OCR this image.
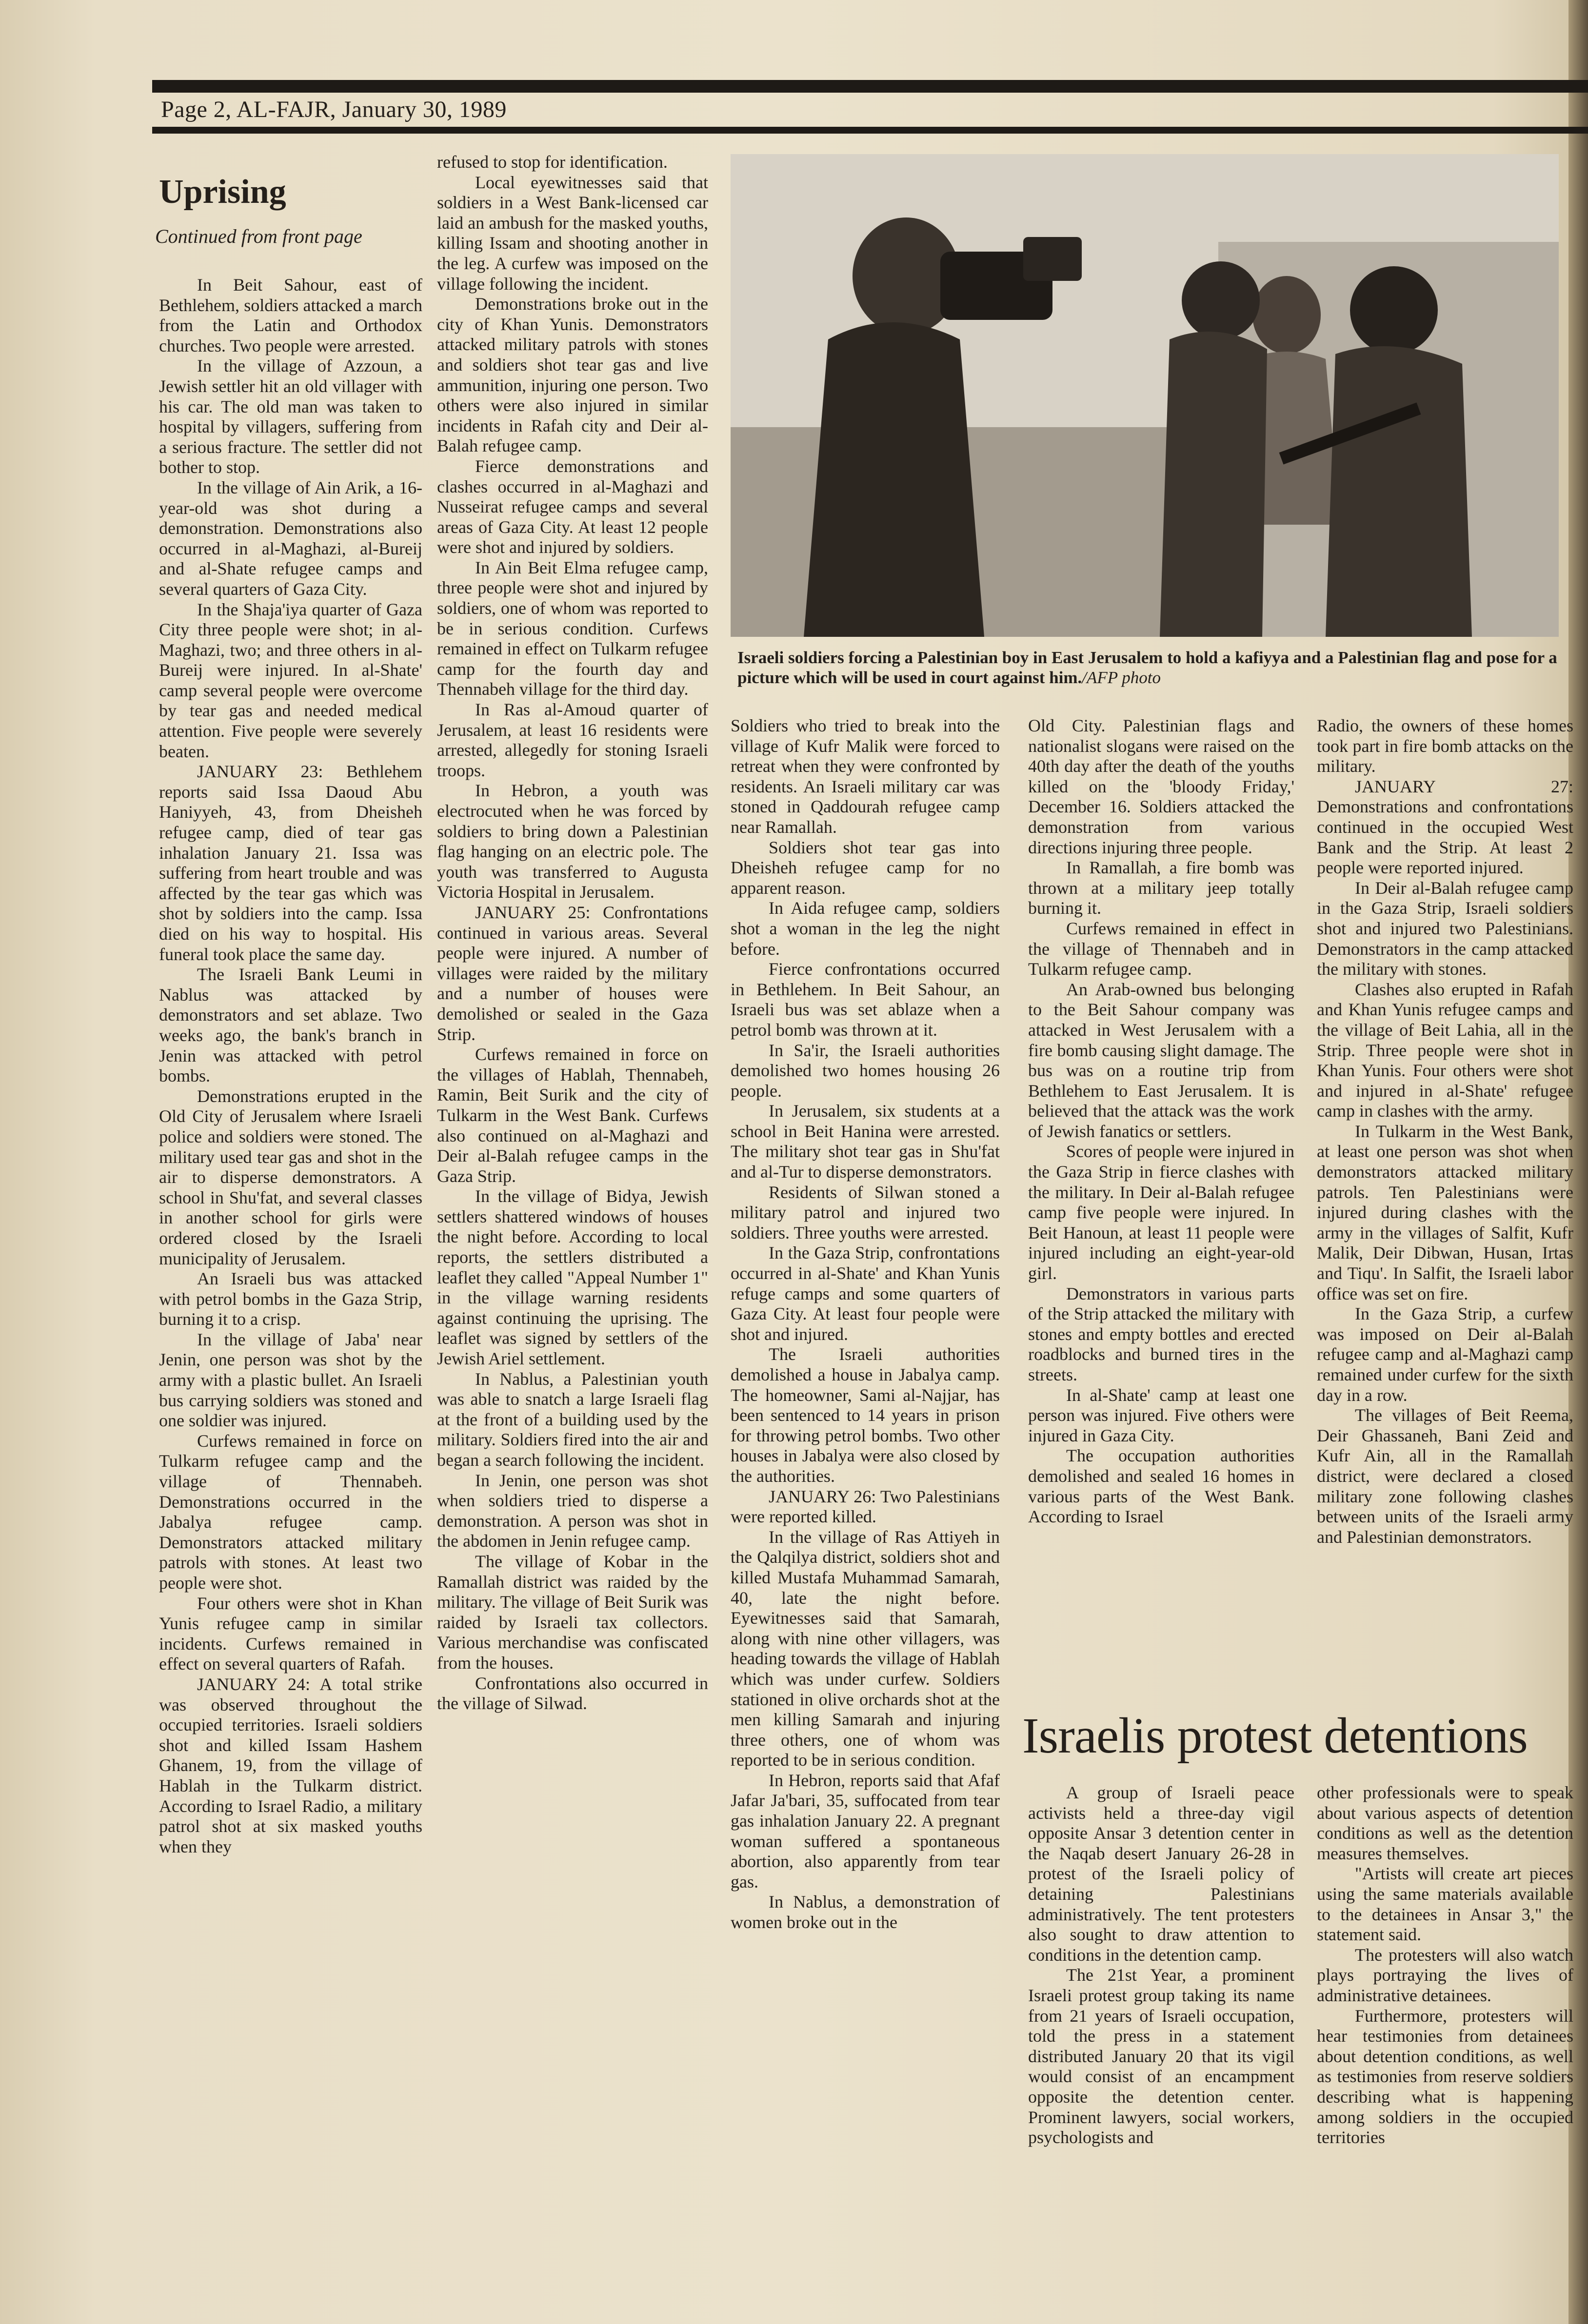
Page 2, AL-FAJR, January 30, 1989
Uprising
Continued from front page

In Beit Sahour, east of Bethlehem, soldiers attacked a march from the Latin and Orthodox churches. Two people were arrested.

In the village of Azzoun, a Jewish settler hit an old villager with his car. The old man was taken to hospital by villagers, suffering from a serious fracture. The settler did not bother to stop.

In the village of Ain Arik, a 16-year-old was shot during a demonstration. Demonstrations also occurred in al-Maghazi, al-Bureij and al-Shate refugee camps and several quarters of Gaza City.

In the Shaja'iya quarter of Gaza City three people were shot; in al-Maghazi, two; and three others in al-Bureij were injured. In al-Shate' camp several people were overcome by tear gas and needed medical attention. Five people were severely beaten.

JANUARY 23: Bethlehem reports said Issa Daoud Abu Haniyyeh, 43, from Dheisheh refugee camp, died of tear gas inhalation January 21. Issa was suffering from heart trouble and was affected by the tear gas which was shot by soldiers into the camp. Issa died on his way to hospital. His funeral took place the same day.

The Israeli Bank Leumi in Nablus was attacked by demonstrators and set ablaze. Two weeks ago, the bank's branch in Jenin was attacked with petrol bombs.

Demonstrations erupted in the Old City of Jerusalem where Israeli police and soldiers were stoned. The military used tear gas and shot in the air to disperse demonstrators. A school in Shu'fat, and several classes in another school for girls were ordered closed by the Israeli municipality of Jerusalem.

An Israeli bus was attacked with petrol bombs in the Gaza Strip, burning it to a crisp.

In the village of Jaba' near Jenin, one person was shot by the army with a plastic bullet. An Israeli bus carrying soldiers was stoned and one soldier was injured.

Curfews remained in force on Tulkarm refugee camp and the village of Thennabeh. Demonstrations occurred in the Jabalya refugee camp. Demonstrators attacked military patrols with stones. At least two people were shot.

Four others were shot in Khan Yunis refugee camp in similar incidents. Curfews remained in effect on several quarters of Rafah.

JANUARY 24: A total strike was observed throughout the occupied territories. Israeli soldiers shot and killed Issam Hashem Ghanem, 19, from the village of Hablah in the Tulkarm district. According to Israel Radio, a military patrol shot at six masked youths when they

refused to stop for identification.

Local eyewitnesses said that soldiers in a West Bank-licensed car laid an ambush for the masked youths, killing Issam and shooting another in the leg. A curfew was imposed on the village following the incident.

Demonstrations broke out in the city of Khan Yunis. Demonstrators attacked military patrols with stones and soldiers shot tear gas and live ammunition, injuring one person. Two others were also injured in similar incidents in Rafah city and Deir al-Balah refugee camp.

Fierce demonstrations and clashes occurred in al-Maghazi and Nusseirat refugee camps and several areas of Gaza City. At least 12 people were shot and injured by soldiers.

In Ain Beit Elma refugee camp, three people were shot and injured by soldiers, one of whom was reported to be in serious condition. Curfews remained in effect on Tulkarm refugee camp for the fourth day and Thennabeh village for the third day.

In Ras al-Amoud quarter of Jerusalem, at least 16 residents were arrested, allegedly for stoning Israeli troops.

In Hebron, a youth was electrocuted when he was forced by soldiers to bring down a Palestinian flag hanging on an electric pole. The youth was transferred to Augusta Victoria Hospital in Jerusalem.

JANUARY 25: Confrontations continued in various areas. Several people were injured. A number of villages were raided by the military and a number of houses were demolished or sealed in the Gaza Strip.

Curfews remained in force on the villages of Hablah, Thennabeh, Ramin, Beit Surik and the city of Tulkarm in the West Bank. Curfews also continued on al-Maghazi and Deir al-Balah refugee camps in the Gaza Strip.

In the village of Bidya, Jewish settlers shattered windows of houses the night before. According to local reports, the settlers distributed a leaflet they called "Appeal Number 1" in the village warning residents against continuing the uprising. The leaflet was signed by settlers of the Jewish Ariel settlement.

In Nablus, a Palestinian youth was able to snatch a large Israeli flag at the front of a building used by the military. Soldiers fired into the air and began a search following the incident.

In Jenin, one person was shot when soldiers tried to disperse a demonstration. A person was shot in the abdomen in Jenin refugee camp.

The village of Kobar in the Ramallah district was raided by the military. The village of Beit Surik was raided by Israeli tax collectors. Various merchandise was confiscated from the houses.

Confrontations also occurred in the village of Silwad.

Israeli soldiers forcing a Palestinian boy in East Jerusalem to hold a kafiyya and a Palestinian flag and pose for a picture which will be used in court against him./AFP photo

Soldiers who tried to break into the village of Kufr Malik were forced to retreat when they were confronted by residents. An Israeli military car was stoned in Qaddourah refugee camp near Ramallah.

Soldiers shot tear gas into Dheisheh refugee camp for no apparent reason.

In Aida refugee camp, soldiers shot a woman in the leg the night before.

Fierce confrontations occurred in Bethlehem. In Beit Sahour, an Israeli bus was set ablaze when a petrol bomb was thrown at it.

In Sa'ir, the Israeli authorities demolished two homes housing 26 people.

In Jerusalem, six students at a school in Beit Hanina were arrested. The military shot tear gas in Shu'fat and al-Tur to disperse demonstrators.

Residents of Silwan stoned a military patrol and injured two soldiers. Three youths were arrested.

In the Gaza Strip, confrontations occurred in al-Shate' and Khan Yunis refuge camps and some quarters of Gaza City. At least four people were shot and injured.

The Israeli authorities demolished a house in Jabalya camp. The homeowner, Sami al-Najjar, has been sentenced to 14 years in prison for throwing petrol bombs. Two other houses in Jabalya were also closed by the authorities.

JANUARY 26: Two Palestinians were reported killed.

In the village of Ras Attiyeh in the Qalqilya district, soldiers shot and killed Mustafa Muhammad Samarah, 40, late the night before. Eyewitnesses said that Samarah, along with nine other villagers, was heading towards the village of Hablah which was under curfew. Soldiers stationed in olive orchards shot at the men killing Samarah and injuring three others, one of whom was reported to be in serious condition.

In Hebron, reports said that Afaf Jafar Ja'bari, 35, suffocated from tear gas inhalation January 22. A pregnant woman suffered a spontaneous abortion, also apparently from tear gas.

In Nablus, a demonstration of women broke out in the

Old City. Palestinian flags and nationalist slogans were raised on the 40th day after the death of the youths killed on the 'bloody Friday,' December 16. Soldiers attacked the demonstration from various directions injuring three people.

In Ramallah, a fire bomb was thrown at a military jeep totally burning it.

Curfews remained in effect in the village of Thennabeh and in Tulkarm refugee camp.

An Arab-owned bus belonging to the Beit Sahour company was attacked in West Jerusalem with a fire bomb causing slight damage. The bus was on a routine trip from Bethlehem to East Jerusalem. It is believed that the attack was the work of Jewish fanatics or settlers.

Scores of people were injured in the Gaza Strip in fierce clashes with the military. In Deir al-Balah refugee camp five people were injured. In Beit Hanoun, at least 11 people were injured including an eight-year-old girl.

Demonstrators in various parts of the Strip attacked the military with stones and empty bottles and erected roadblocks and burned tires in the streets.

In al-Shate' camp at least one person was injured. Five others were injured in Gaza City.

The occupation authorities demolished and sealed 16 homes in various parts of the West Bank. According to Israel

Radio, the owners of these homes took part in fire bomb attacks on the military.

JANUARY 27: Demonstrations and confrontations continued in the occupied West Bank and the Strip. At least 2 people were reported injured.

In Deir al-Balah refugee camp in the Gaza Strip, Israeli soldiers shot and injured two Palestinians. Demonstrators in the camp attacked the military with stones.

Clashes also erupted in Rafah and Khan Yunis refugee camps and the village of Beit Lahia, all in the Strip. Three people were shot in Khan Yunis. Four others were shot and injured in al-Shate' refugee camp in clashes with the army.

In Tulkarm in the West Bank, at least one person was shot when demonstrators attacked military patrols. Ten Palestinians were injured during clashes with the army in the villages of Salfit, Kufr Malik, Deir Dibwan, Husan, Irtas and Tiqu'. In Salfit, the Israeli labor office was set on fire.

In the Gaza Strip, a curfew was imposed on Deir al-Balah refugee camp and al-Maghazi camp remained under curfew for the sixth day in a row.

The villages of Beit Reema, Deir Ghassaneh, Bani Zeid and Kufr Ain, all in the Ramallah district, were declared a closed military zone following clashes between units of the Israeli army and Palestinian demonstrators.

Israelis protest detentions

A group of Israeli peace activists held a three-day vigil opposite Ansar 3 detention center in the Naqab desert January 26-28 in protest of the Israeli policy of detaining Palestinians administratively. The tent protesters also sought to draw attention to conditions in the detention camp.

The 21st Year, a prominent Israeli protest group taking its name from 21 years of Israeli occupation, told the press in a statement distributed January 20 that its vigil would consist of an encampment opposite the detention center. Prominent lawyers, social workers, psychologists and

other professionals were to speak about various aspects of detention conditions as well as the detention measures themselves.

"Artists will create art pieces using the same materials available to the detainees in Ansar 3," the statement said.

The protesters will also watch plays portraying the lives of administrative detainees.

Furthermore, protesters will hear testimonies from detainees about detention conditions, as well as testimonies from reserve soldiers describing what is happening among soldiers in the occupied territories
